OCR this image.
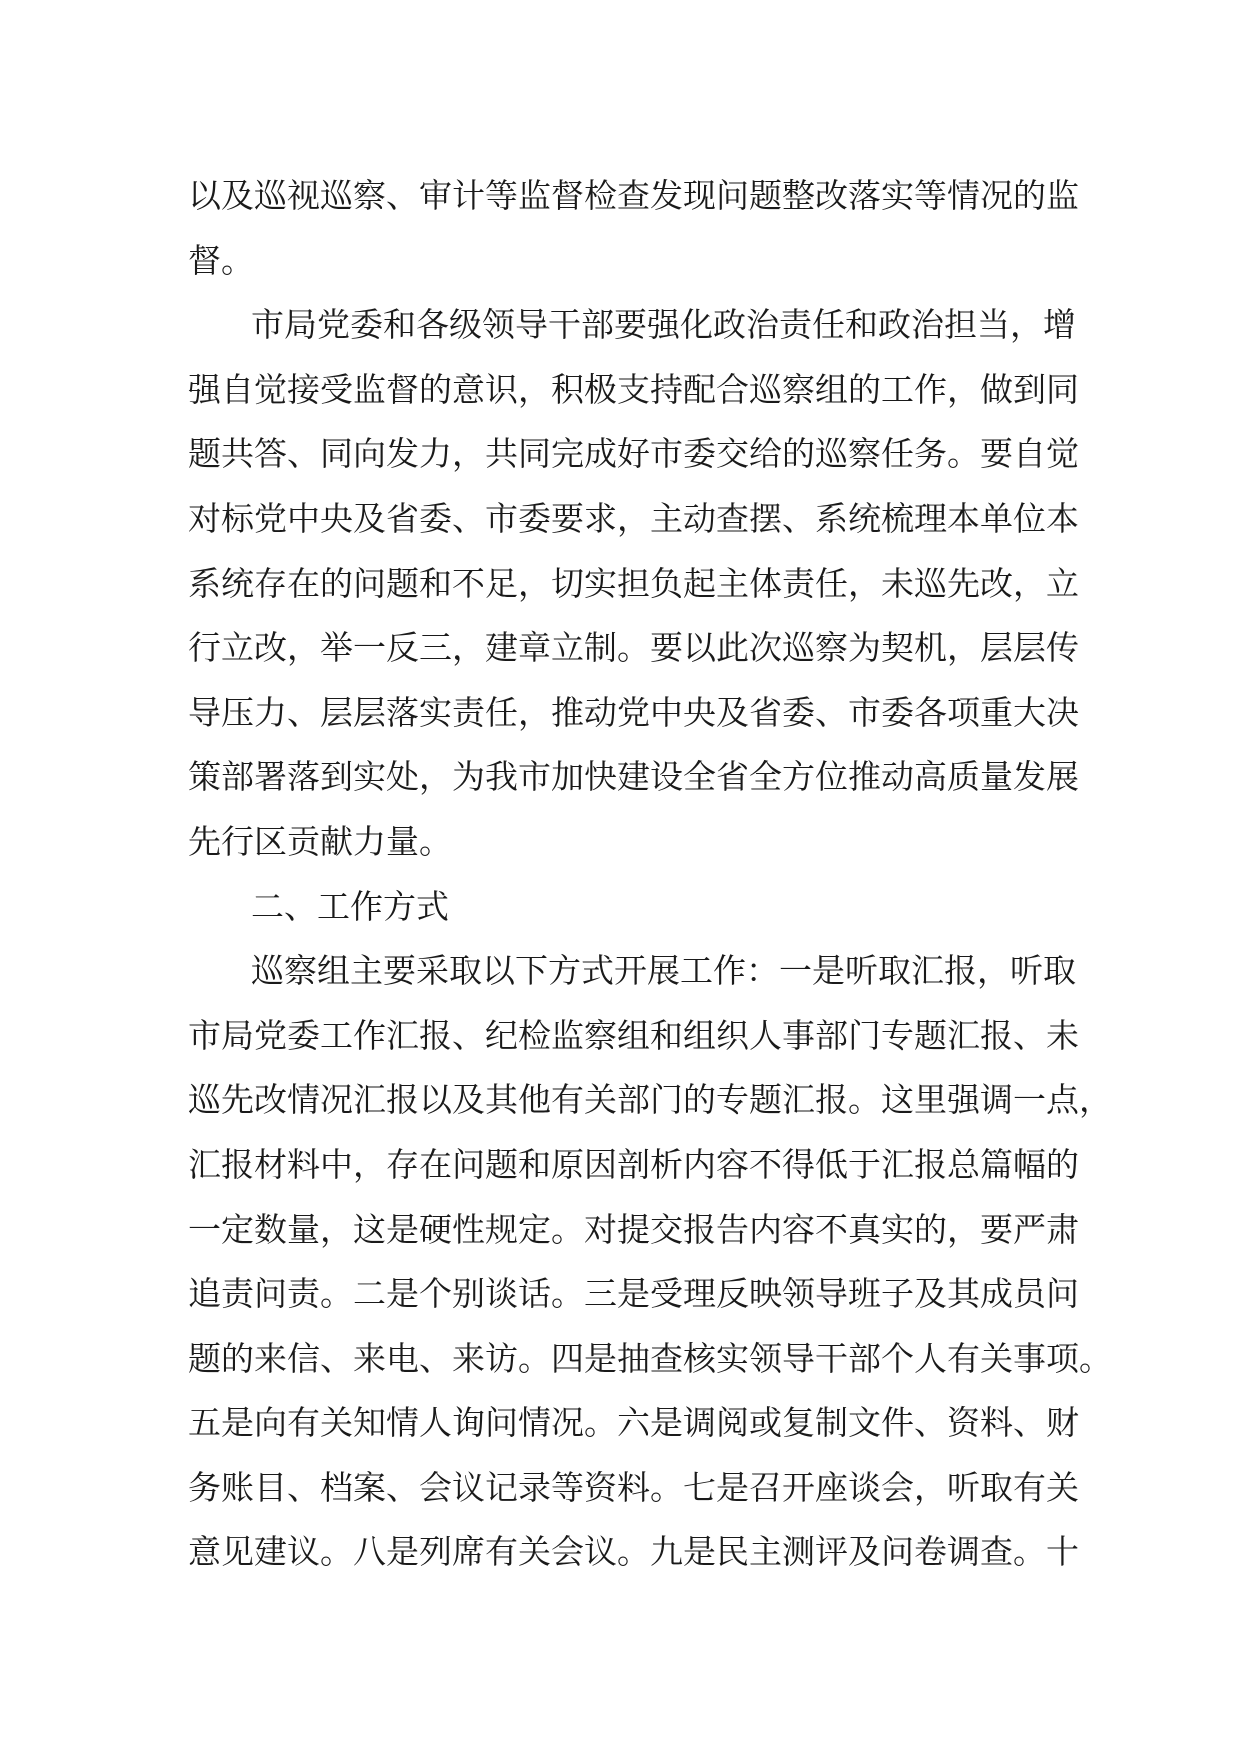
以及巡视巡察、审计等监督检查发现问题整改落实等情况的监
督。
市局党委和各级领导干部要强化政治责任和政治担当，增
强自觉接受监督的意识，积极支持配合巡察组的工作，做到同
题共答、同向发力，共同完成好市委交给的巡察任务。要自觉
对标党中央及省委、市委要求，主动查摆、系统梳理本单位本
系统存在的问题和不足，切实担负起主体责任，未巡先改，立
行立改，举一反三，建章立制。要以此次巡察为契机，层层传
导压力、层层落实责任，推动党中央及省委、市委各项重大决
策部署落到实处，为我市加快建设全省全方位推动高质量发展
先行区贡献力量。
二、工作方式
巡察组主要采取以下方式开展工作：一是听取汇报，听取
市局党委工作汇报、纪检监察组和组织人事部门专题汇报、未
巡先改情况汇报以及其他有关部门的专题汇报。这里强调一点，
汇报材料中，存在问题和原因剖析内容不得低于汇报总篇幅的
一定数量，这是硬性规定。对提交报告内容不真实的，要严肃
追责问责。二是个别谈话。三是受理反映领导班子及其成员问
题的来信、来电、来访。四是抽查核实领导干部个人有关事项。
五是向有关知情人询问情况。六是调阅或复制文件、资料、财
务账目、档案、会议记录等资料。七是召开座谈会，听取有关
意见建议。八是列席有关会议。九是民主测评及问卷调查。十
